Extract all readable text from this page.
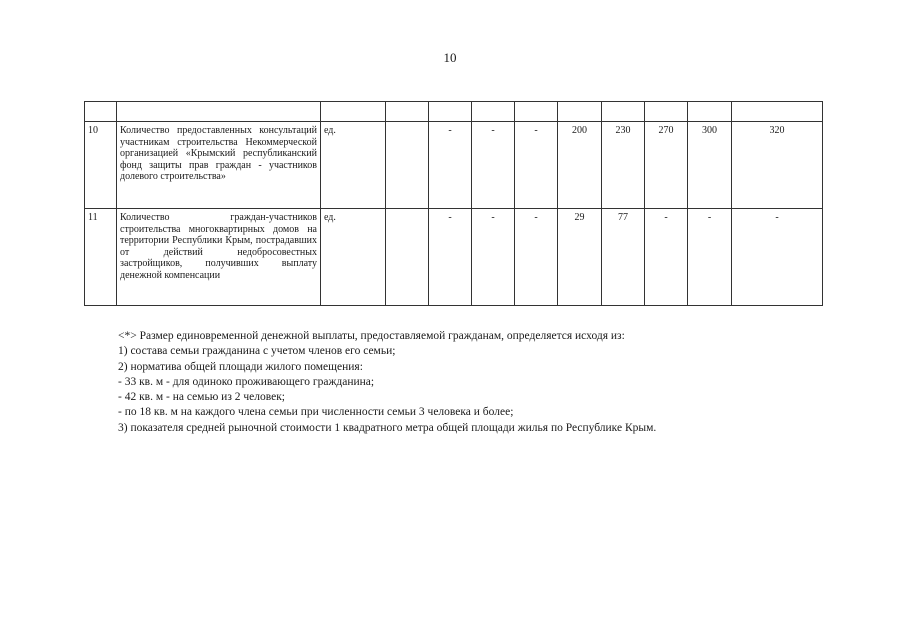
10

10	Количество предоставленных консультаций участникам строительства Некоммерческой организацией «Крымский республиканский фонд защиты прав граждан - участников долевого строительства»	ед.		-	-	-	200	230	270	300	320	
11	Количество граждан-участников строительства многоквартирных домов на территории Республики Крым, пострадавших от действий недобросовестных застройщиков, получивших выплату денежной компенсации	ед.		-	-	-	29	77	-	-	-	
<*> Размер единовременной денежной выплаты, предоставляемой гражданам, определяется исходя из:
1) состава семьи гражданина с учетом членов его семьи;
2) норматива общей площади жилого помещения:
- 33 кв. м - для одиноко проживающего гражданина;
- 42 кв. м - на семью из 2 человек;
- по 18 кв. м на каждого члена семьи при численности семьи 3 человека и более;
3) показателя средней рыночной стоимости 1 квадратного метра общей площади жилья по Республике Крым.
